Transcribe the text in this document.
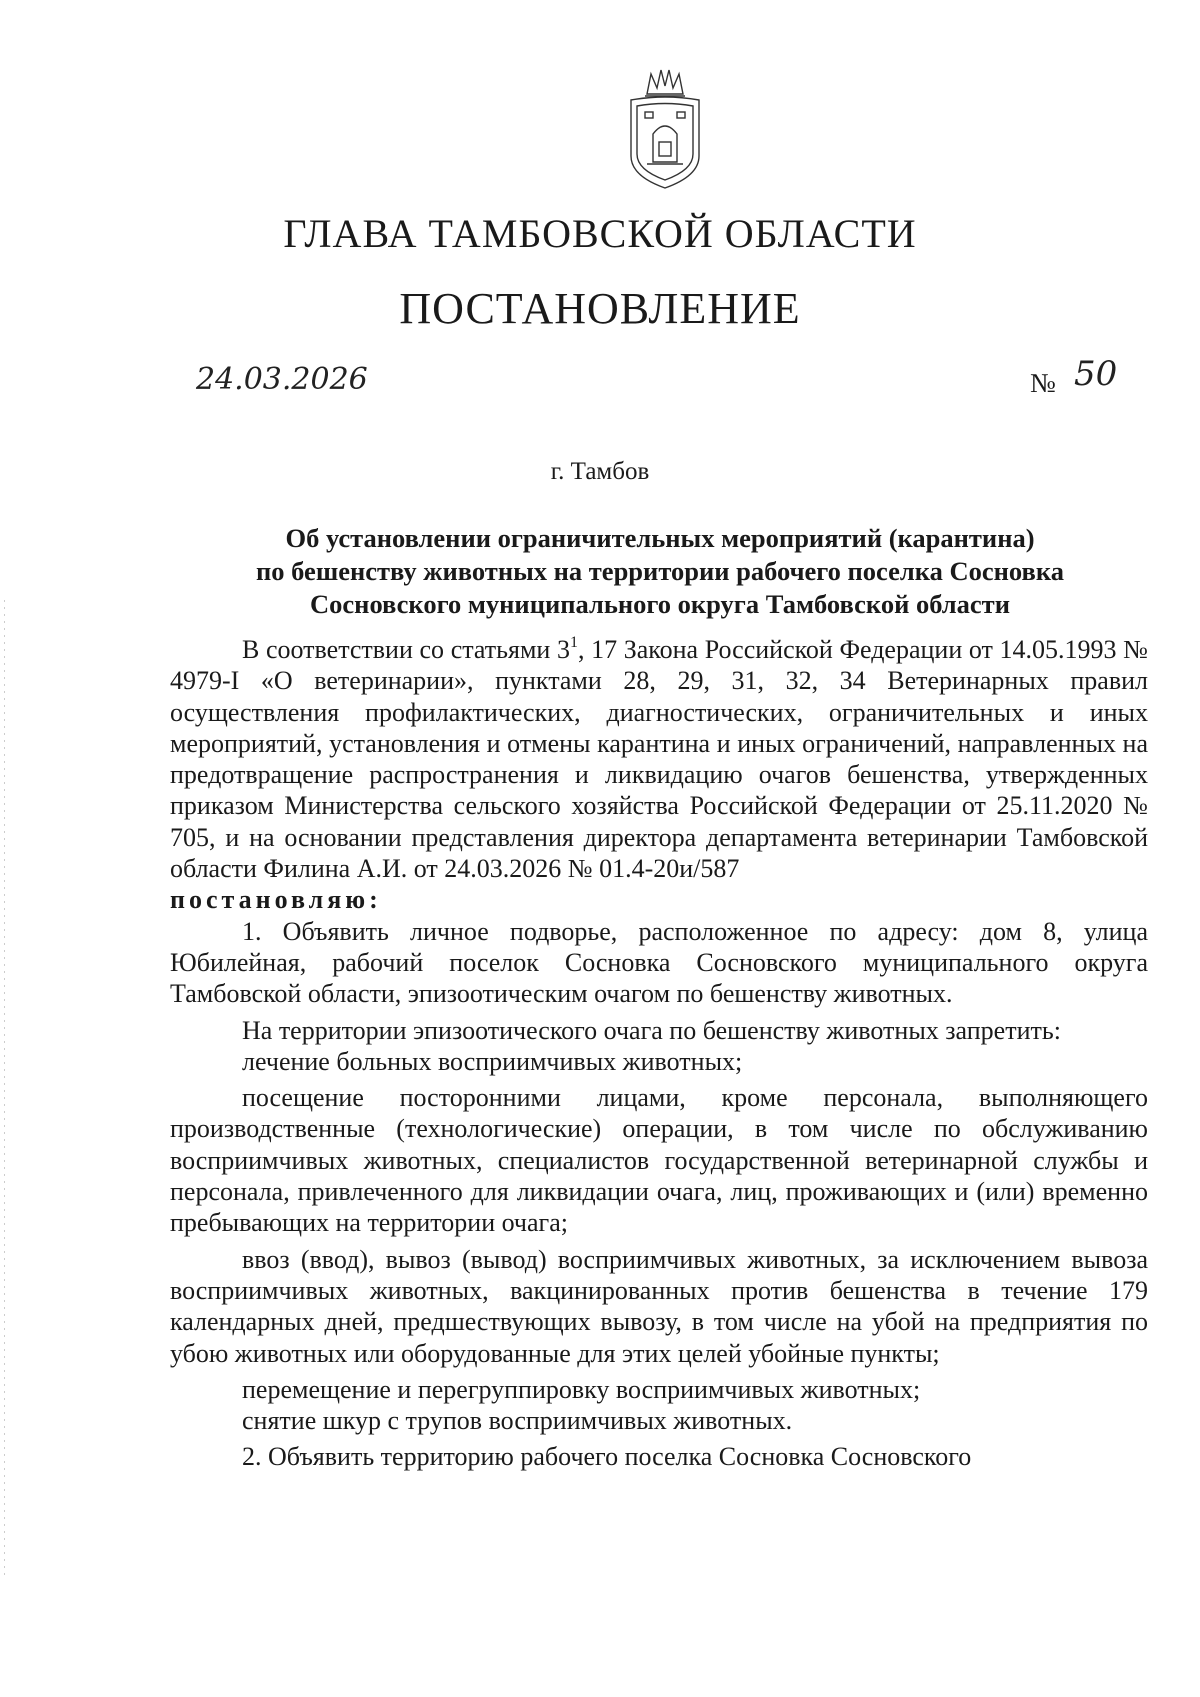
ГЛАВА ТАМБОВСКОЙ ОБЛАСТИ
ПОСТАНОВЛЕНИЕ
24.03.2026	№ 50
г. Тамбов
Об установлении ограничительных мероприятий (карантина)
по бешенству животных на территории рабочего поселка Сосновка
Сосновского муниципального округа Тамбовской области

В соответствии со статьями $3^1$, 17 Закона Российской Федерации от 14.05.1993 № 4979-I «О ветеринарии», пунктами 28, 29, 31, 32, 34 Ветеринарных правил осуществления профилактических, диагностических, ограничительных и иных мероприятий, установления и отмены карантина и иных ограничений, направленных на предотвращение распространения и ликвидацию очагов бешенства, утвержденных приказом Министерства сельского хозяйства Российской Федерации от 25.11.2020 № 705, и на основании представления директора департамента ветеринарии Тамбовской области Филина А.И. от 24.03.2026 № 01.4-20и/587

постановляю:

1. Объявить личное подворье, расположенное по адресу: дом 8, улица Юбилейная, рабочий поселок Сосновка Сосновского муниципального округа Тамбовской области, эпизоотическим очагом по бешенству животных.

На территории эпизоотического очага по бешенству животных запретить:

лечение больных восприимчивых животных;

посещение посторонними лицами, кроме персонала, выполняющего производственные (технологические) операции, в том числе по обслуживанию восприимчивых животных, специалистов государственной ветеринарной службы и персонала, привлеченного для ликвидации очага, лиц, проживающих и (или) временно пребывающих на территории очага;

ввоз (ввод), вывоз (вывод) восприимчивых животных, за исключением вывоза восприимчивых животных, вакцинированных против бешенства в течение 179 календарных дней, предшествующих вывозу, в том числе на убой на предприятия по убою животных или оборудованные для этих целей убойные пункты;

перемещение и перегруппировку восприимчивых животных;

снятие шкур с трупов восприимчивых животных.

2. Объявить территорию рабочего поселка Сосновка Сосновского
